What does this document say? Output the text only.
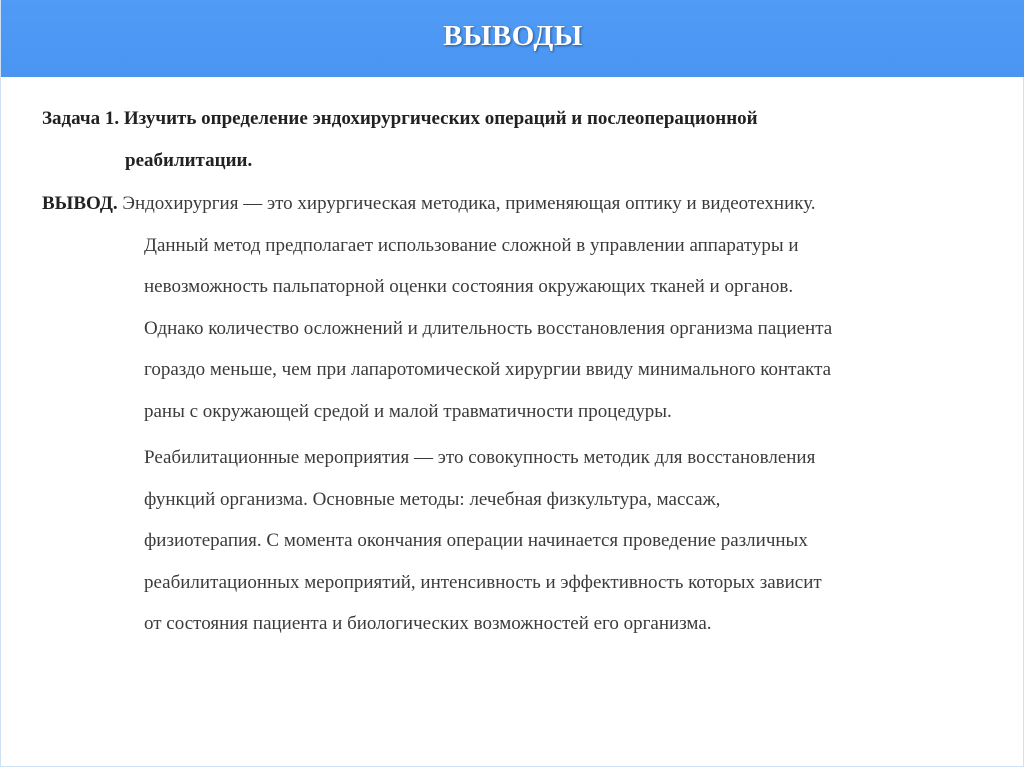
ВЫВОДЫ
Задача 1. Изучить определение эндохирургических операций и послеоперационной
реабилитации.
ВЫВОД. Эндохирургия — это хирургическая методика, применяющая оптику и видеотехнику.
Данный метод предполагает использование сложной в управлении аппаратуры и
невозможность пальпаторной оценки состояния окружающих тканей и органов.
Однако количество осложнений и длительность восстановления организма пациента
гораздо меньше, чем при лапаротомической хирургии ввиду минимального контакта
раны с окружающей средой и малой травматичности процедуры.
Реабилитационные мероприятия — это совокупность методик для восстановления
функций организма. Основные методы: лечебная физкультура, массаж,
физиотерапия. С момента окончания операции начинается проведение различных
реабилитационных мероприятий, интенсивность и эффективность которых зависит
от состояния пациента и биологических возможностей его организма.
